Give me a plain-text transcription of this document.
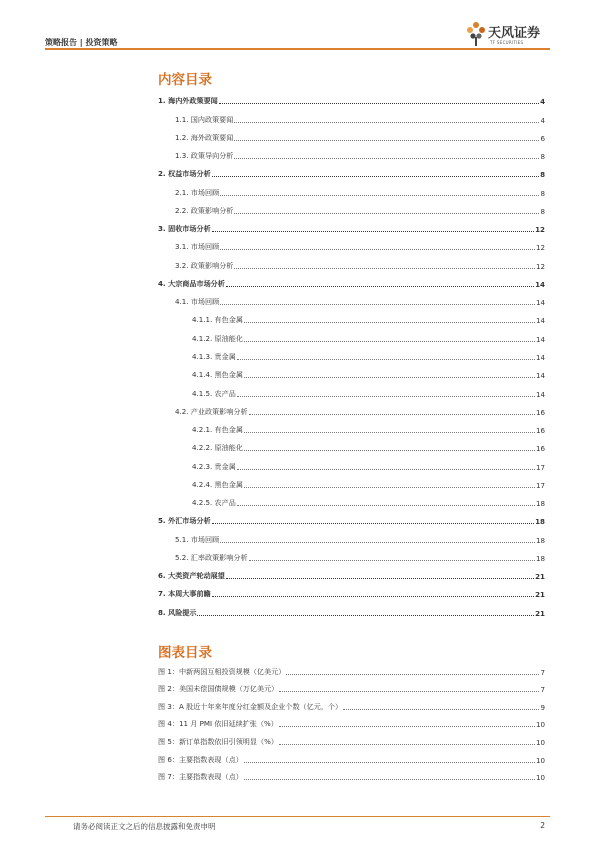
策略报告 | 投资策略
天风证券
TF SECURITIES
内容目录
1. 海内外政策要闻	4
1.1. 国内政策要闻	4
1.2. 海外政策要闻	6
1.3. 政策导向分析	8
2. 权益市场分析	8
2.1. 市场回顾	8
2.2. 政策影响分析	8
3. 固收市场分析	12
3.1. 市场回顾	12
3.2. 政策影响分析	12
4. 大宗商品市场分析	14
4.1. 市场回顾	14
4.1.1. 有色金属	14
4.1.2. 原油能化	14
4.1.3. 贵金属	14
4.1.4. 黑色金属	14
4.1.5. 农产品	14
4.2. 产业政策影响分析	16
4.2.1. 有色金属	16
4.2.2. 原油能化	16
4.2.3. 贵金属	17
4.2.4. 黑色金属	17
4.2.5. 农产品	18
5. 外汇市场分析	18
5.1. 市场回顾	18
5.2. 汇率政策影响分析	18
6. 大类资产轮动展望	21
7. 本周大事前瞻	21
8. 风险提示	21
图表目录
图 1：中新两国互相投资规模（亿美元）	7
图 2：美国未偿国债规模（万亿美元）	7
图 3：A 股近十年来年度分红金额及企业个数（亿元，个）	9
图 4：11 月 PMI 依旧延续扩张（%）	10
图 5：新订单指数依旧引领明显（%）	10
图 6：主要指数表现（点）	10
图 7：主要指数表现（点）	10
请务必阅读正文之后的信息披露和免责申明	2
